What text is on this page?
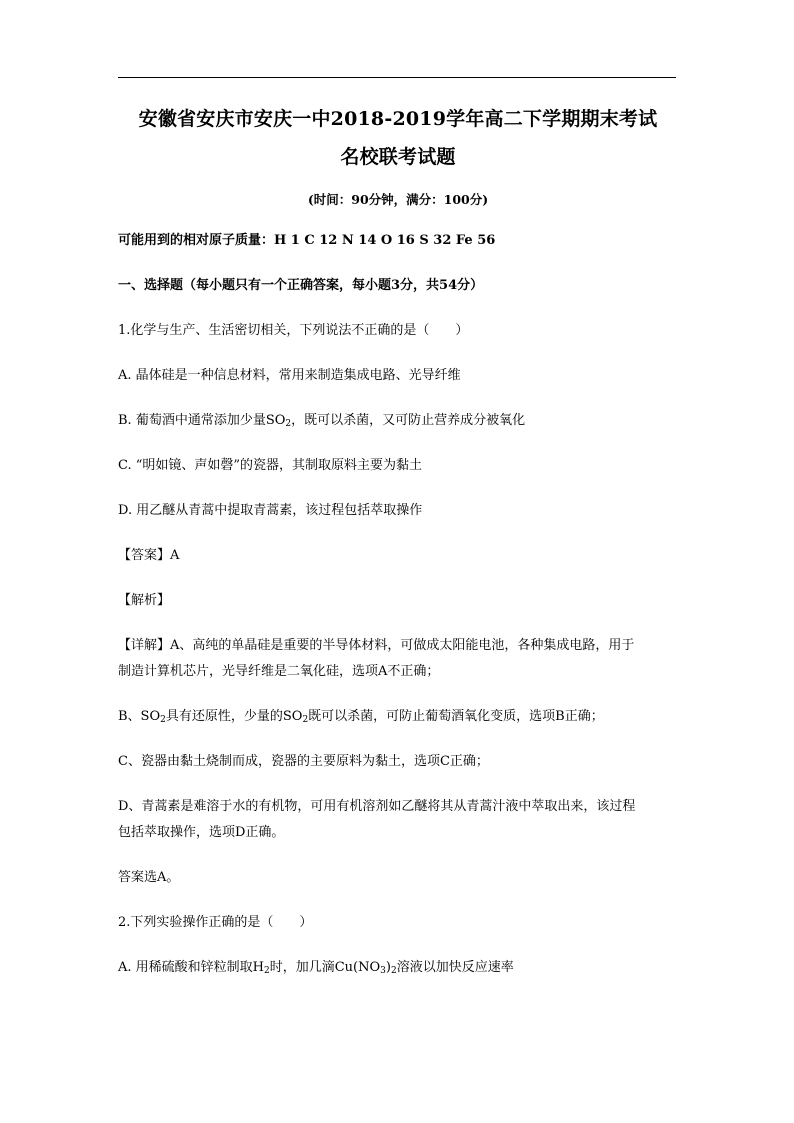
安徽省安庆市安庆一中2018-2019学年高二下学期期末考试
名校联考试题
(时间：90分钟，满分：100分)

可能用到的相对原子质量：H 1 C 12 N 14 O 16 S 32 Fe 56

一、选择题（每小题只有一个正确答案，每小题3分，共54分）

1.化学与生产、生活密切相关，下列说法不正确的是（　　）

A. 晶体硅是一种信息材料，常用来制造集成电路、光导纤维

B. 葡萄酒中通常添加少量$SO_2$，既可以杀菌，又可防止营养成分被氧化

C. “明如镜、声如磬”的瓷器，其制取原料主要为黏土

D. 用乙醚从青蒿中提取青蒿素，该过程包括萃取操作

【答案】A

【解析】

【详解】A、高纯的单晶硅是重要的半导体材料，可做成太阳能电池，各种集成电路，用于

制造计算机芯片，光导纤维是二氧化硅，选项A不正确；

B、$SO_2$具有还原性，少量的$SO_2$既可以杀菌，可防止葡萄酒氧化变质，选项B正确；

C、瓷器由黏土烧制而成，瓷器的主要原料为黏土，选项C正确；

D、青蒿素是难溶于水的有机物，可用有机溶剂如乙醚将其从青蒿汁液中萃取出来，该过程

包括萃取操作，选项D正确。

答案选A。

2.下列实验操作正确的是（　　）

A. 用稀硫酸和锌粒制取$H_2$时，加几滴$Cu(NO_3)_2$溶液以加快反应速率
